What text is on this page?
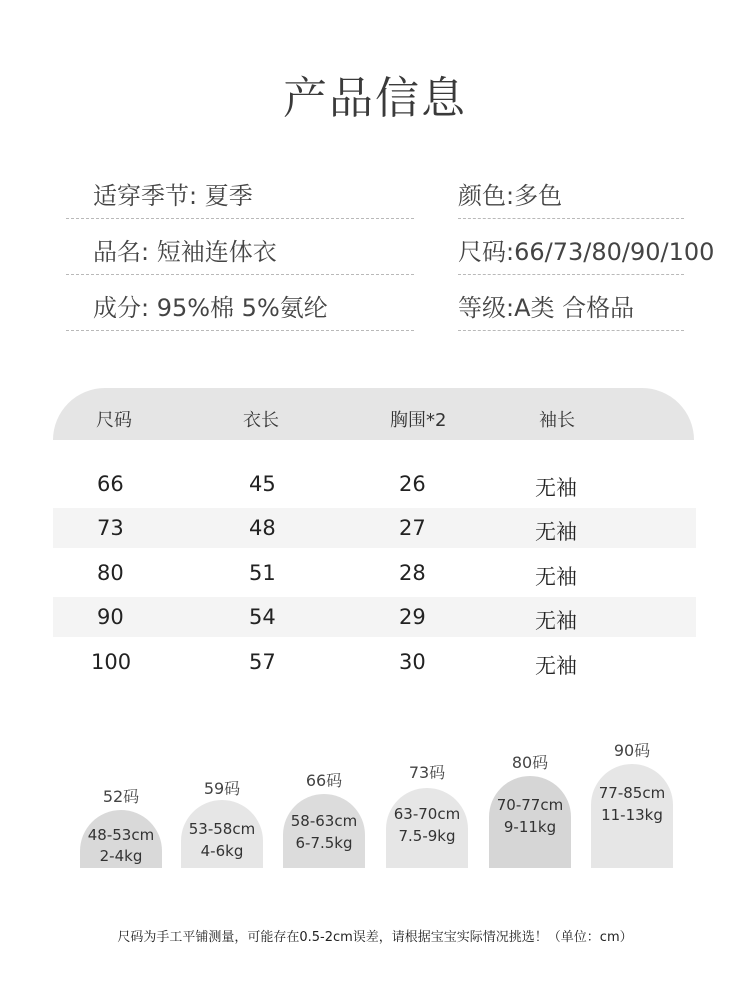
产品信息
适穿季节: 夏季	颜色:多色
品名: 短袖连体衣	尺码:66/73/80/90/100
成分: 95%棉 5%氨纶	等级:A类 合格品
尺码	衣长	胸围*2	袖长
66	45	26	无袖
73	48	27	无袖
80	51	28	无袖
90	54	29	无袖
100	57	30	无袖
52码
48-53cm
2-4kg
59码
53-58cm
4-6kg
66码
58-63cm
6-7.5kg
73码
63-70cm
7.5-9kg
80码
70-77cm
9-11kg
90码
77-85cm
11-13kg
尺码为手工平铺测量，可能存在0.5-2cm误差，请根据宝宝实际情况挑选！（单位：cm）
